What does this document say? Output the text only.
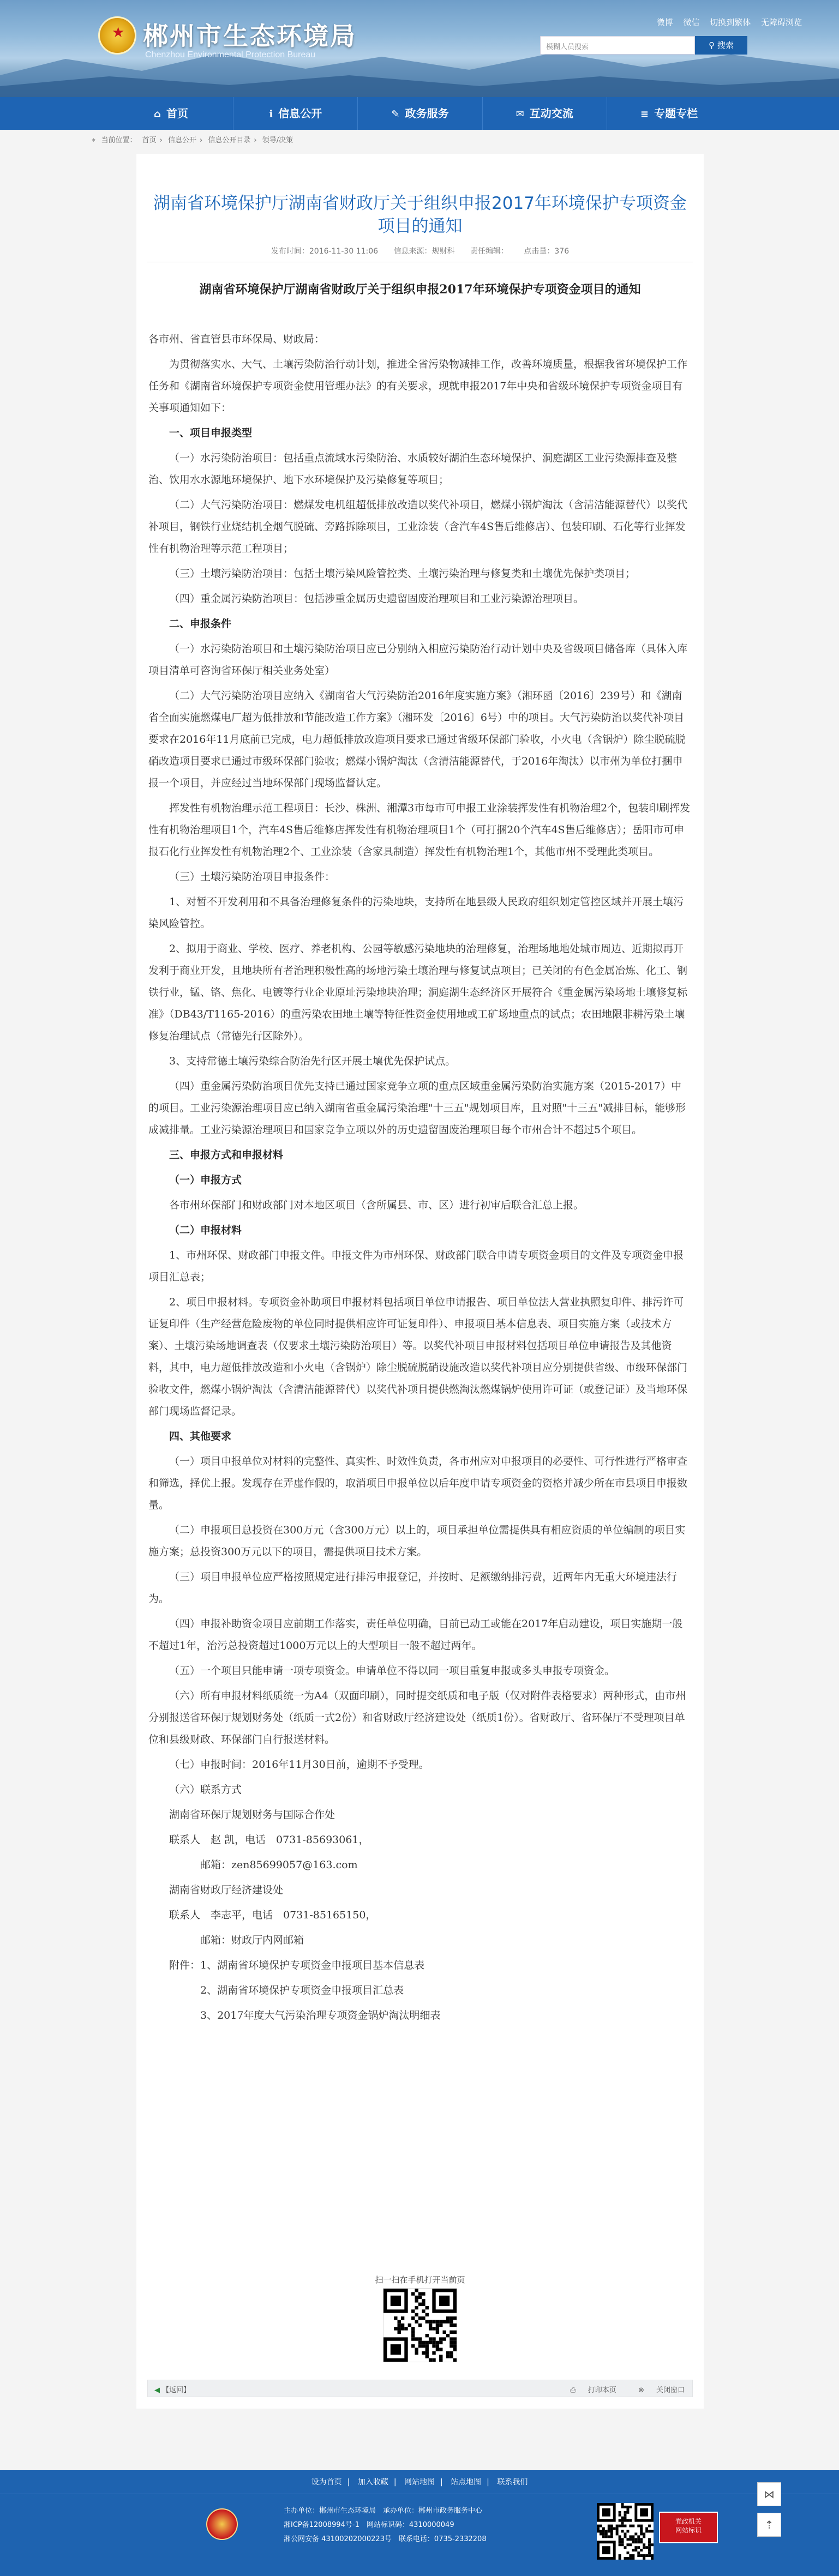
★ 郴州市生态环境局
Chenzhou Environmental Protection Bureau
微博 微信 切换到繁体 无障碍浏览
模糊人员搜索	⚲ 搜索
⌂ 首页	ℹ 信息公开	✎ 政务服务	✉ 互动交流	≡ 专题专栏
⌖ 当前位置： 首页 › 信息公开 › 信息公开目录 › 领导/决策
湖南省环境保护厅湖南省财政厅关于组织申报2017年环境保护专项资金项目的通知
发布时间：2016-11-30 11:06 信息来源：规财科 责任编辑： 点击量：376
湖南省环境保护厅湖南省财政厅关于组织申报2017年环境保护专项资金项目的通知

各市州、省直管县市环保局、财政局：

为贯彻落实水、大气、土壤污染防治行动计划，推进全省污染物减排工作，改善环境质量，根据我省环境保护工作任务和《湖南省环境保护专项资金使用管理办法》的有关要求，现就申报2017年中央和省级环境保护专项资金项目有关事项通知如下：

一、项目申报类型

（一）水污染防治项目：包括重点流域水污染防治、水质较好湖泊生态环境保护、洞庭湖区工业污染源排查及整治、饮用水水源地环境保护、地下水环境保护及污染修复等项目；

（二）大气污染防治项目：燃煤发电机组超低排放改造以奖代补项目，燃煤小锅炉淘汰（含清洁能源替代）以奖代补项目，钢铁行业烧结机全烟气脱硫、旁路拆除项目，工业涂装（含汽车4S售后维修店）、包装印刷、石化等行业挥发性有机物治理等示范工程项目；

（三）土壤污染防治项目：包括土壤污染风险管控类、土壤污染治理与修复类和土壤优先保护类项目；

（四）重金属污染防治项目：包括涉重金属历史遗留固废治理项目和工业污染源治理项目。

二、申报条件

（一）水污染防治项目和土壤污染防治项目应已分别纳入相应污染防治行动计划中央及省级项目储备库（具体入库项目清单可咨询省环保厅相关业务处室）

（二）大气污染防治项目应纳入《湖南省大气污染防治2016年度实施方案》（湘环函〔2016〕239号）和《湖南省全面实施燃煤电厂超为低排放和节能改造工作方案》（湘环发〔2016〕6号）中的项目。大气污染防治以奖代补项目要求在2016年11月底前已完成，电力超低排放改造项目要求已通过省级环保部门验收，小火电（含锅炉）除尘脱硫脱硝改造项目要求已通过市级环保部门验收；燃煤小锅炉淘汰（含清洁能源替代，于2016年淘汰）以市州为单位打捆申报一个项目，并应经过当地环保部门现场监督认定。

挥发性有机物治理示范工程项目：长沙、株洲、湘潭3市每市可申报工业涂装挥发性有机物治理2个，包装印刷挥发性有机物治理项目1个，汽车4S售后维修店挥发性有机物治理项目1个（可打捆20个汽车4S售后维修店）；岳阳市可申报石化行业挥发性有机物治理2个、工业涂装（含家具制造）挥发性有机物治理1个，其他市州不受理此类项目。

（三）土壤污染防治项目申报条件：

1、对暂不开发利用和不具备治理修复条件的污染地块，支持所在地县级人民政府组织划定管控区域并开展土壤污染风险管控。

2、拟用于商业、学校、医疗、养老机构、公园等敏感污染地块的治理修复，治理场地地处城市周边、近期拟再开发利于商业开发，且地块所有者治理积极性高的场地污染土壤治理与修复试点项目；已关闭的有色金属冶炼、化工、钢铁行业，锰、铬、焦化、电镀等行业企业原址污染地块治理；洞庭湖生态经济区开展符合《重金属污染场地土壤修复标准》（DB43/T1165-2016）的重污染农田地土壤等特征性资金使用地或工矿场地重点的试点；农田地限非耕污染土壤修复治理试点（常德先行区除外）。

3、支持常德土壤污染综合防治先行区开展土壤优先保护试点。

（四）重金属污染防治项目优先支持已通过国家竞争立项的重点区域重金属污染防治实施方案（2015-2017）中的项目。工业污染源治理项目应已纳入湖南省重金属污染治理"十三五"规划项目库，且对照"十三五"减排目标，能够形成减排量。工业污染源治理项目和国家竞争立项以外的历史遗留固废治理项目每个市州合计不超过5个项目。

三、申报方式和申报材料

（一）申报方式

各市州环保部门和财政部门对本地区项目（含所属县、市、区）进行初审后联合汇总上报。

（二）申报材料

1、市州环保、财政部门申报文件。申报文件为市州环保、财政部门联合申请专项资金项目的文件及专项资金申报项目汇总表；

2、项目申报材料。专项资金补助项目申报材料包括项目单位申请报告、项目单位法人营业执照复印件、排污许可证复印件（生产经营危险废物的单位同时提供相应许可证复印件）、申报项目基本信息表、项目实施方案（或技术方案）、土壤污染场地调查表（仅要求土壤污染防治项目）等。以奖代补项目申报材料包括项目单位申请报告及其他资料，其中，电力超低排放改造和小火电（含锅炉）除尘脱硫脱硝设施改造以奖代补项目应分别提供省级、市级环保部门验收文件，燃煤小锅炉淘汰（含清洁能源替代）以奖代补项目提供燃淘汰燃煤锅炉使用许可证（或登记证）及当地环保部门现场监督记录。

四、其他要求

（一）项目申报单位对材料的完整性、真实性、时效性负责，各市州应对申报项目的必要性、可行性进行严格审查和筛选，择优上报。发现存在弄虚作假的，取消项目申报单位以后年度申请专项资金的资格并减少所在市县项目申报数量。

（二）申报项目总投资在300万元（含300万元）以上的，项目承担单位需提供具有相应资质的单位编制的项目实施方案；总投资300万元以下的项目，需提供项目技术方案。

（三）项目申报单位应严格按照规定进行排污申报登记，并按时、足额缴纳排污费，近两年内无重大环境违法行为。

（四）申报补助资金项目应前期工作落实，责任单位明确，目前已动工或能在2017年启动建设，项目实施期一般不超过1年，治污总投资超过1000万元以上的大型项目一般不超过两年。

（五）一个项目只能申请一项专项资金。申请单位不得以同一项目重复申报或多头申报专项资金。

（六）所有申报材料纸质统一为A4（双面印刷），同时提交纸质和电子版（仅对附件表格要求）两种形式，由市州分别报送省环保厅规划财务处（纸质一式2份）和省财政厅经济建设处（纸质1份）。省财政厅、省环保厅不受理项目单位和县级财政、环保部门自行报送材料。

（七）申报时间：2016年11月30日前，逾期不予受理。

（六）联系方式

湖南省环保厅规划财务与国际合作处

联系人　赵 凯，电话　0731-85693061，

　　　邮箱：zen85699057@163.com

湖南省财政厅经济建设处

联系人　李志平，电话　0731-85165150，

　　　邮箱：财政厅内网邮箱

附件：1、湖南省环境保护专项资金申报项目基本信息表

　　　2、湖南省环境保护专项资金申报项目汇总表

　　　3、2017年度大气污染治理专项资金锅炉淘汰明细表

扫一扫在手机打开当前页
◀ 【返回】	⎙ 打印本页	⊗ 关闭窗口
设为首页 | 加入收藏 | 网站地图 | 站点地图 | 联系我们
主办单位：郴州市生态环境局　承办单位：郴州市政务服务中心
湘ICP备12008994号-1　网站标识码：4310000049
湘公网安备 43100202000223号　联系电话：0735-2332208
党政机关
网站标识
⋈
⇡
